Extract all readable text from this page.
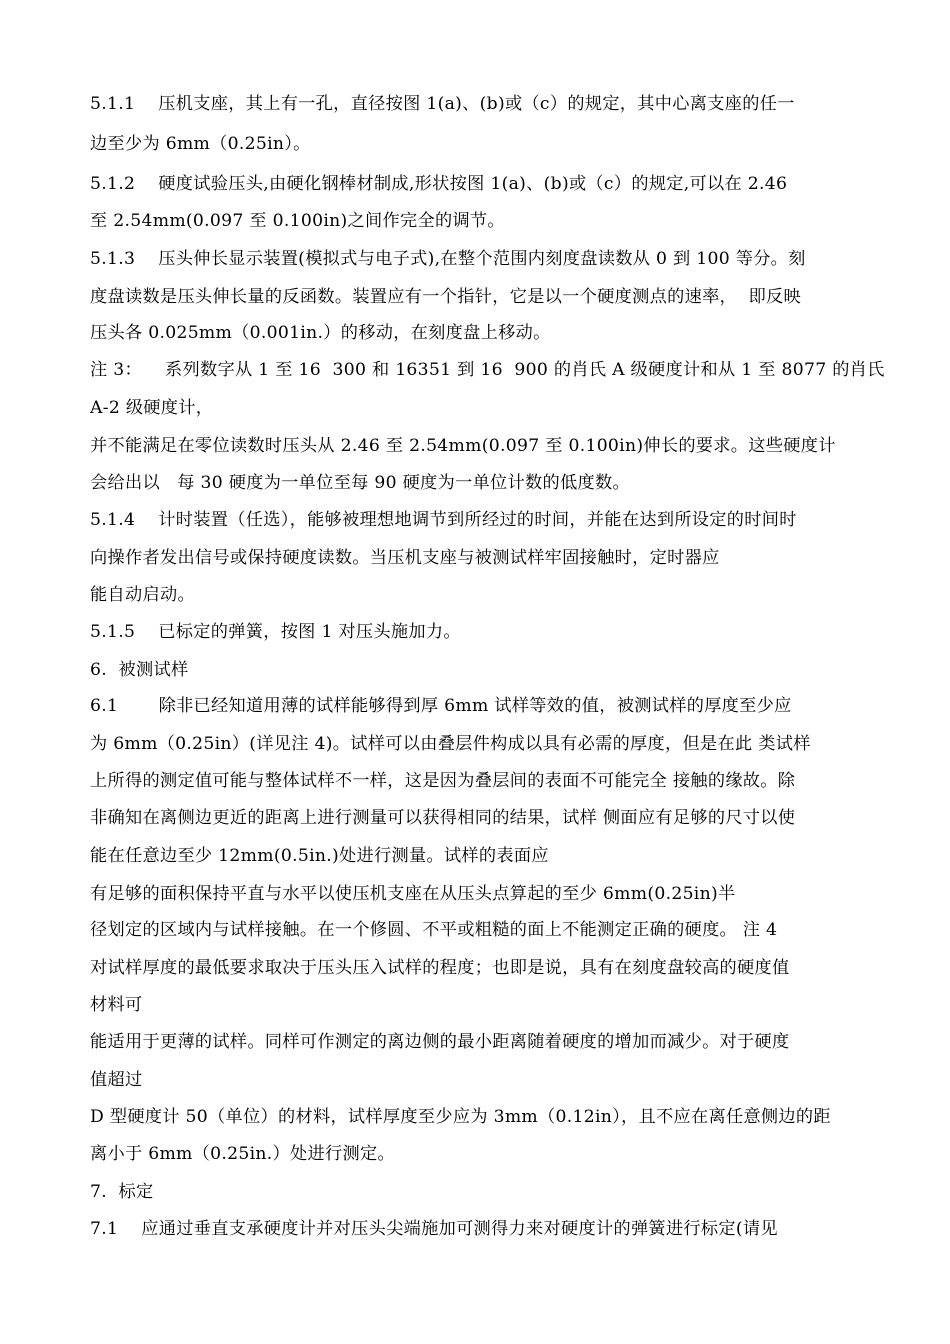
5.1.1    压机支座，其上有一孔，直径按图 1(a)、(b)或（c）的规定，其中心离支座的任一
边至少为 6mm（0.25in）。
5.1.2    硬度试验压头,由硬化钢棒材制成,形状按图 1(a)、(b)或（c）的规定,可以在 2.46
至 2.54mm(0.097 至 0.100in)之间作完全的调节。
5.1.3    压头伸长显示装置(模拟式与电子式),在整个范围内刻度盘读数从 0 到 100 等分。刻
度盘读数是压头伸长量的反函数。装置应有一个指针，它是以一个硬度测点的速率，  即反映
压头各 0.025mm（0.001in.）的移动，在刻度盘上移动。
注 3：    系列数字从 1 至 16  300 和 16351 到 16  900 的肖氏 A 级硬度计和从 1 至 8077 的肖氏
A-2 级硬度计，
并不能满足在零位读数时压头从 2.46 至 2.54mm(0.097 至 0.100in)伸长的要求。这些硬度计
会给出以   每 30 硬度为一单位至每 90 硬度为一单位计数的低度数。
5.1.4    计时装置（任选），能够被理想地调节到所经过的时间，并能在达到所设定的时间时
向操作者发出信号或保持硬度读数。当压机支座与被测试样牢固接触时，定时器应
能自动启动。
5.1.5    已标定的弹簧，按图 1 对压头施加力。
6.  被测试样
6.1       除非已经知道用薄的试样能够得到厚 6mm 试样等效的值，被测试样的厚度至少应
为 6mm（0.25in）(详见注 4)。试样可以由叠层件构成以具有必需的厚度，但是在此 类试样
上所得的测定值可能与整体试样不一样，这是因为叠层间的表面不可能完全 接触的缘故。除
非确知在离侧边更近的距离上进行测量可以获得相同的结果，试样 侧面应有足够的尺寸以使
能在任意边至少 12mm(0.5in.)处进行测量。试样的表面应
有足够的面积保持平直与水平以使压机支座在从压头点算起的至少 6mm(0.25in)半
径划定的区域内与试样接触。在一个修圆、不平或粗糙的面上不能测定正确的硬度。 注 4
对试样厚度的最低要求取决于压头压入试样的程度；也即是说，具有在刻度盘较高的硬度值
材料可
能适用于更薄的试样。同样可作测定的离边侧的最小距离随着硬度的增加而减少。对于硬度
值超过
D 型硬度计 50（单位）的材料，试样厚度至少应为 3mm（0.12in），且不应在离任意侧边的距
离小于 6mm（0.25in.）处进行测定。
7.  标定
7.1    应通过垂直支承硬度计并对压头尖端施加可测得力来对硬度计的弹簧进行标定(请见
